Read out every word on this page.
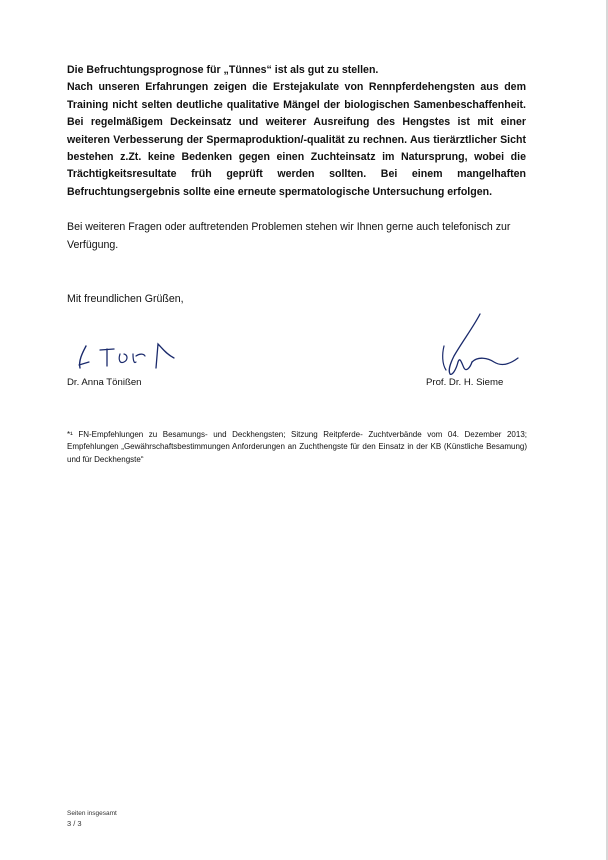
Die Befruchtungsprognose für „Tünnes“ ist als gut zu stellen.

Nach unseren Erfahrungen zeigen die Erstejakulate von Rennpferdehengsten aus dem Training nicht selten deutliche qualitative Mängel der biologischen Samenbeschaffenheit. Bei regelmäßigem Deckeinsatz und weiterer Ausreifung des Hengstes ist mit einer weiteren Verbesserung der Spermaproduktion/-qualität zu rechnen. Aus tierärztlicher Sicht bestehen z.Zt. keine Bedenken gegen einen Zuchteinsatz im Natursprung, wobei die Trächtigkeitsresultate früh geprüft werden sollten. Bei einem mangelhaften Befruchtungsergebnis sollte eine erneute spermatologische Untersuchung erfolgen.

Bei weiteren Fragen oder auftretenden Problemen stehen wir Ihnen gerne auch telefonisch zur Verfügung.

Mit freundlichen Grüßen,
Dr. Anna Tönißen	Prof. Dr. H. Sieme

*¹ FN-Empfehlungen zu Besamungs- und Deckhengsten; Sitzung Reitpferde- Zuchtverbände vom 04. Dezember 2013; Empfehlungen „Gewährschaftsbestimmungen Anforderungen an Zuchthengste für den Einsatz in der KB (Künstliche Besamung) und für Deckhengste“

Seiten insgesamt
3 / 3
